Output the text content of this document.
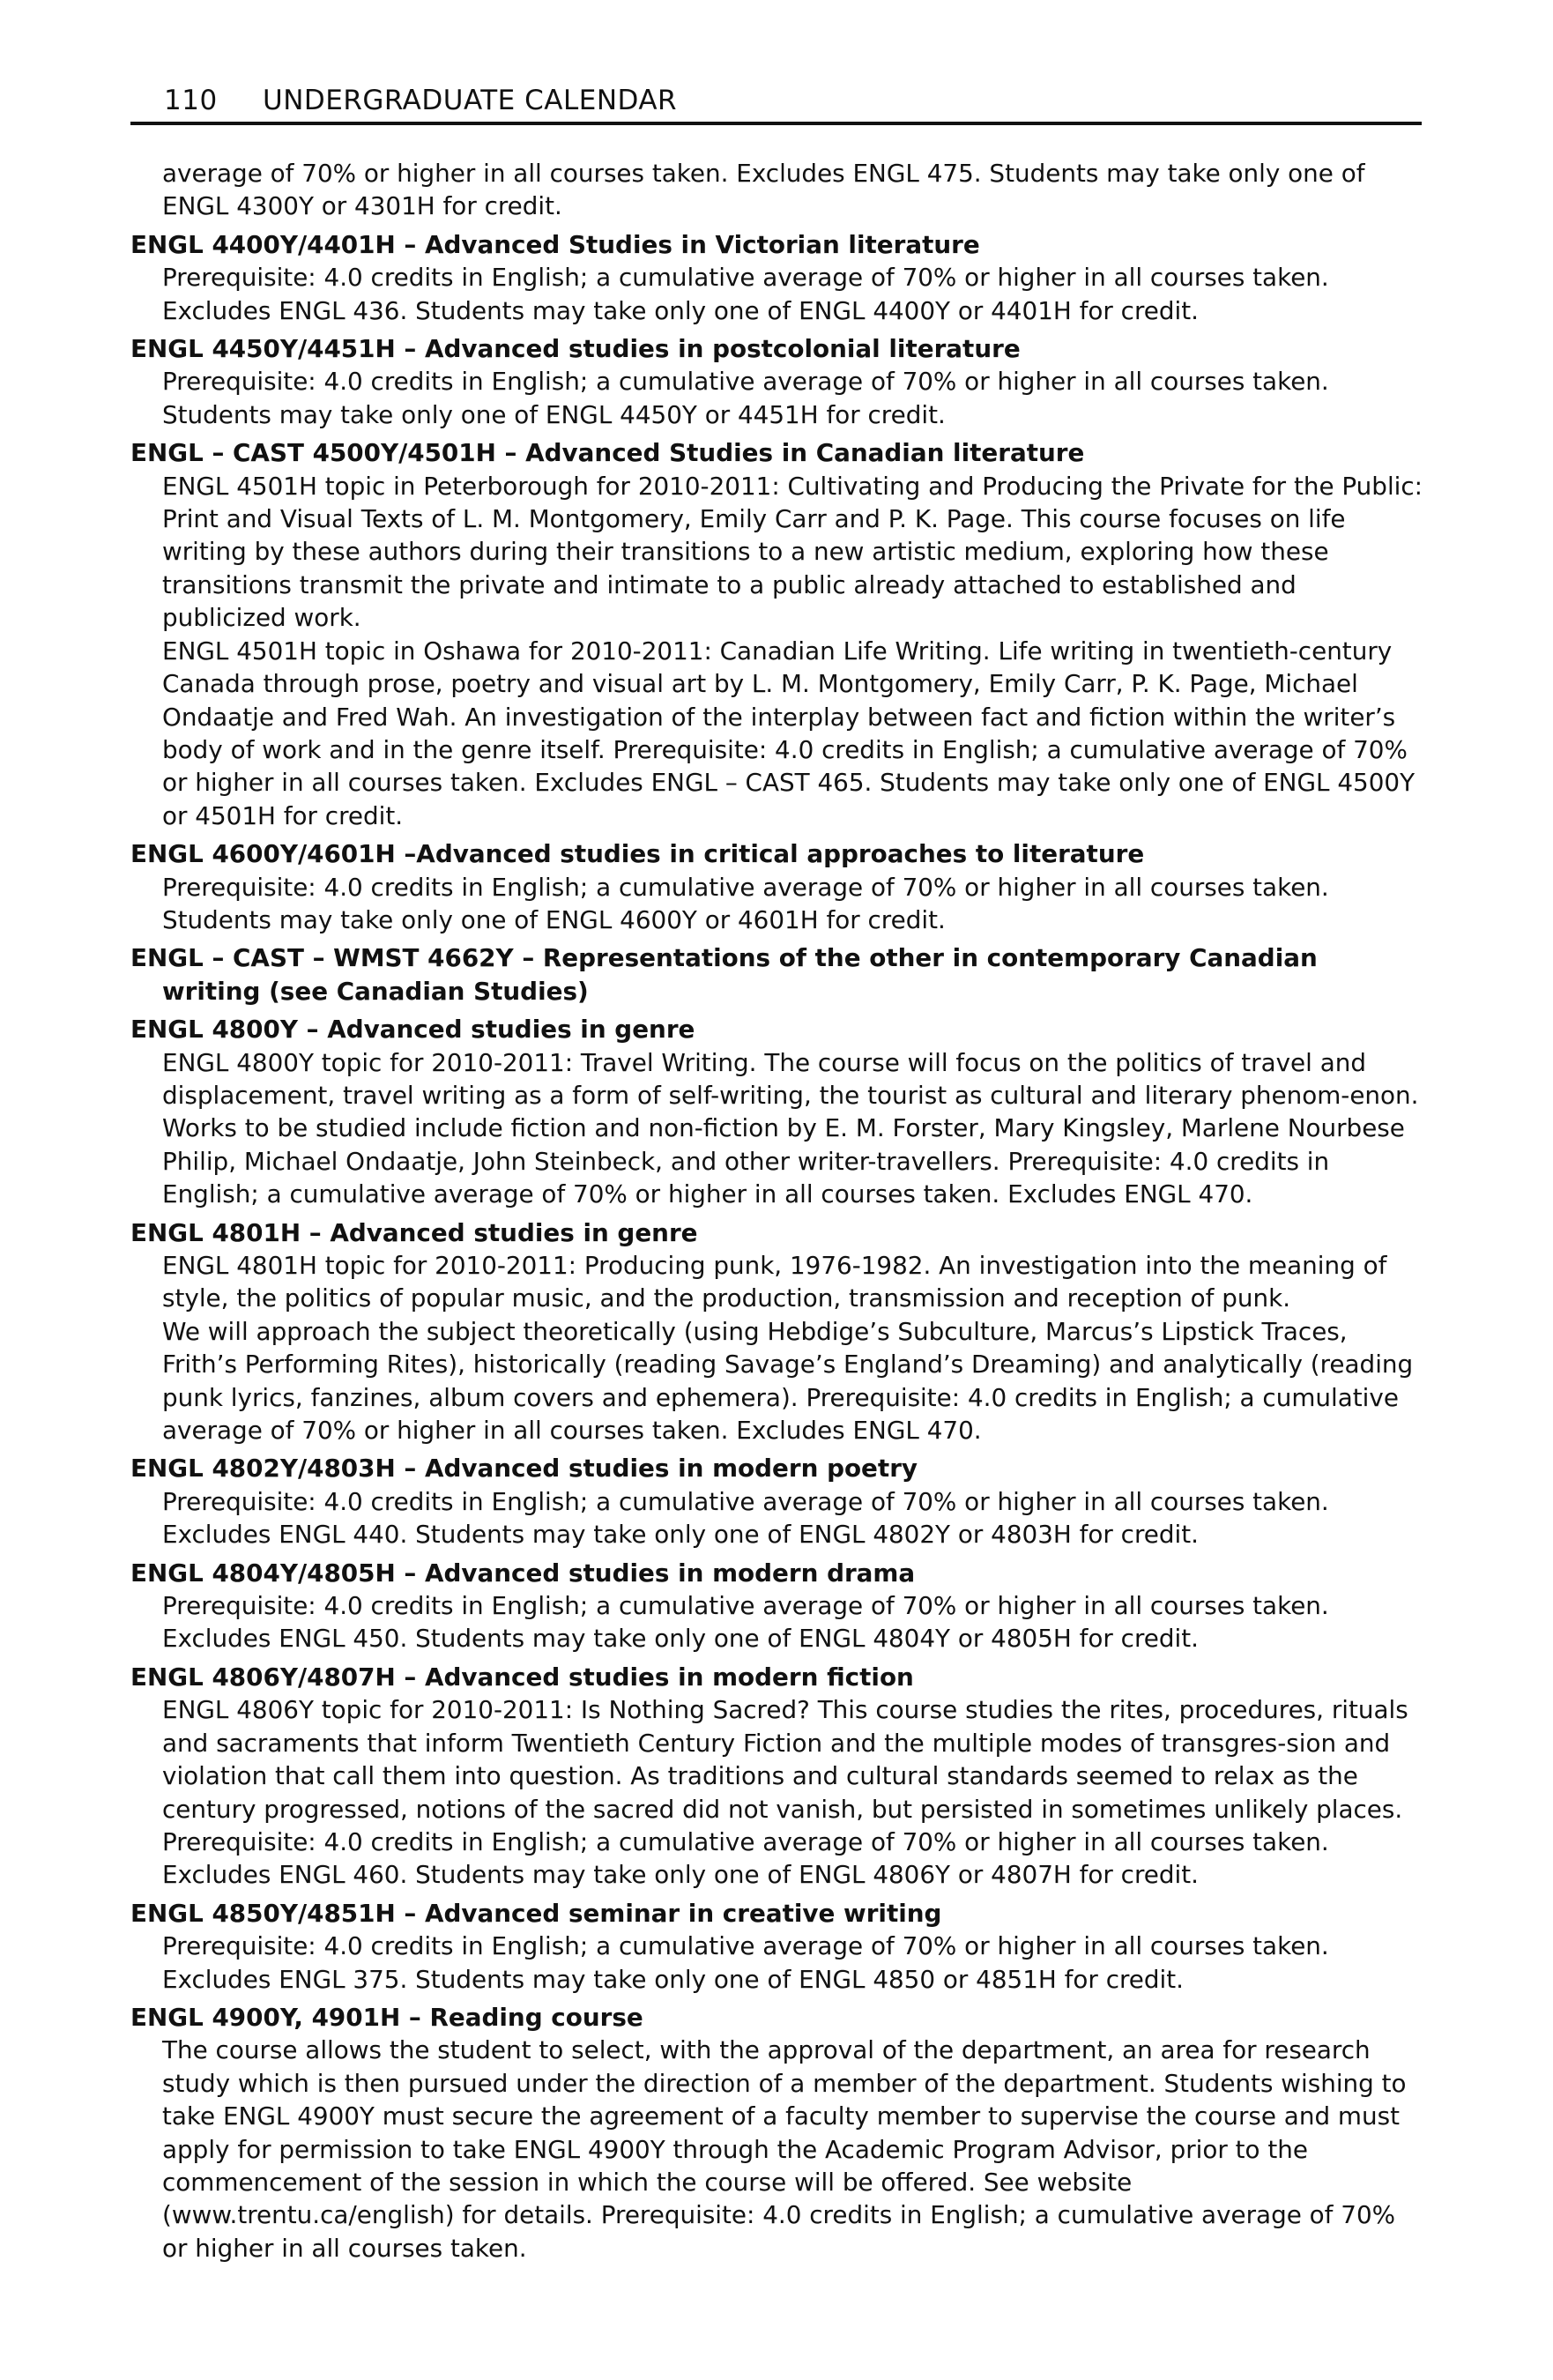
110 UNDERGRADUATE CALENDAR

average of 70% or higher in all courses taken. Excludes ENGL 475. Students may take only one of ENGL 4300Y or 4301H for credit.

ENGL 4400Y/4401H – Advanced Studies in Victorian literature

Prerequisite: 4.0 credits in English; a cumulative average of 70% or higher in all courses taken. Excludes ENGL 436. Students may take only one of ENGL 4400Y or 4401H for credit.

ENGL 4450Y/4451H – Advanced studies in postcolonial literature

Prerequisite: 4.0 credits in English; a cumulative average of 70% or higher in all courses taken. Students may take only one of ENGL 4450Y or 4451H for credit.

ENGL – CAST 4500Y/4501H – Advanced Studies in Canadian literature

ENGL 4501H topic in Peterborough for 2010-2011: Cultivating and Producing the Private for the Public: Print and Visual Texts of L. M. Montgomery, Emily Carr and P. K. Page. This course focuses on life writing by these authors during their transitions to a new artistic medium, exploring how these transitions transmit the private and intimate to a public already attached to established and publicized work.

ENGL 4501H topic in Oshawa for 2010-2011: Canadian Life Writing. Life writing in twentieth-century Canada through prose, poetry and visual art by L. M. Montgomery, Emily Carr, P. K. Page, Michael Ondaatje and Fred Wah. An investigation of the interplay between fact and fiction within the writer’s body of work and in the genre itself. Prerequisite: 4.0 credits in English; a cumulative average of 70% or higher in all courses taken. Excludes ENGL – CAST 465. Students may take only one of ENGL 4500Y or 4501H for credit.

ENGL 4600Y/4601H –Advanced studies in critical approaches to literature

Prerequisite: 4.0 credits in English; a cumulative average of 70% or higher in all courses taken. Students may take only one of ENGL 4600Y or 4601H for credit.

ENGL – CAST – WMST 4662Y – Representations of the other in contemporary Canadian
writing (see Canadian Studies)
ENGL 4800Y – Advanced studies in genre

ENGL 4800Y topic for 2010-2011: Travel Writing. The course will focus on the politics of travel and displacement, travel writing as a form of self-writing, the tourist as cultural and literary phenom-enon. Works to be studied include fiction and non-fiction by E. M. Forster, Mary Kingsley, Marlene Nourbese Philip, Michael Ondaatje, John Steinbeck, and other writer-travellers. Prerequisite: 4.0 credits in English; a cumulative average of 70% or higher in all courses taken. Excludes ENGL 470.

ENGL 4801H – Advanced studies in genre

ENGL 4801H topic for 2010-2011: Producing punk, 1976-1982. An investigation into the meaning of style, the politics of popular music, and the production, transmission and reception of punk.

We will approach the subject theoretically (using Hebdige’s Subculture, Marcus’s Lipstick Traces, Frith’s Performing Rites), historically (reading Savage’s England’s Dreaming) and analytically (reading punk lyrics, fanzines, album covers and ephemera). Prerequisite: 4.0 credits in English; a cumulative average of 70% or higher in all courses taken. Excludes ENGL 470.

ENGL 4802Y/4803H – Advanced studies in modern poetry

Prerequisite: 4.0 credits in English; a cumulative average of 70% or higher in all courses taken. Excludes ENGL 440. Students may take only one of ENGL 4802Y or 4803H for credit.

ENGL 4804Y/4805H – Advanced studies in modern drama

Prerequisite: 4.0 credits in English; a cumulative average of 70% or higher in all courses taken. Excludes ENGL 450. Students may take only one of ENGL 4804Y or 4805H for credit.

ENGL 4806Y/4807H – Advanced studies in modern fiction

ENGL 4806Y topic for 2010-2011: Is Nothing Sacred? This course studies the rites, procedures, rituals and sacraments that inform Twentieth Century Fiction and the multiple modes of transgres-sion and violation that call them into question. As traditions and cultural standards seemed to relax as the century progressed, notions of the sacred did not vanish, but persisted in sometimes unlikely places. Prerequisite: 4.0 credits in English; a cumulative average of 70% or higher in all courses taken. Excludes ENGL 460. Students may take only one of ENGL 4806Y or 4807H for credit.

ENGL 4850Y/4851H – Advanced seminar in creative writing

Prerequisite: 4.0 credits in English; a cumulative average of 70% or higher in all courses taken. Excludes ENGL 375. Students may take only one of ENGL 4850 or 4851H for credit.

ENGL 4900Y, 4901H – Reading course

The course allows the student to select, with the approval of the department, an area for research study which is then pursued under the direction of a member of the department. Students wishing to take ENGL 4900Y must secure the agreement of a faculty member to supervise the course and must apply for permission to take ENGL 4900Y through the Academic Program Advisor, prior to the commencement of the session in which the course will be offered. See website (www.trentu.ca/english) for details. Prerequisite: 4.0 credits in English; a cumulative average of 70% or higher in all courses taken.
